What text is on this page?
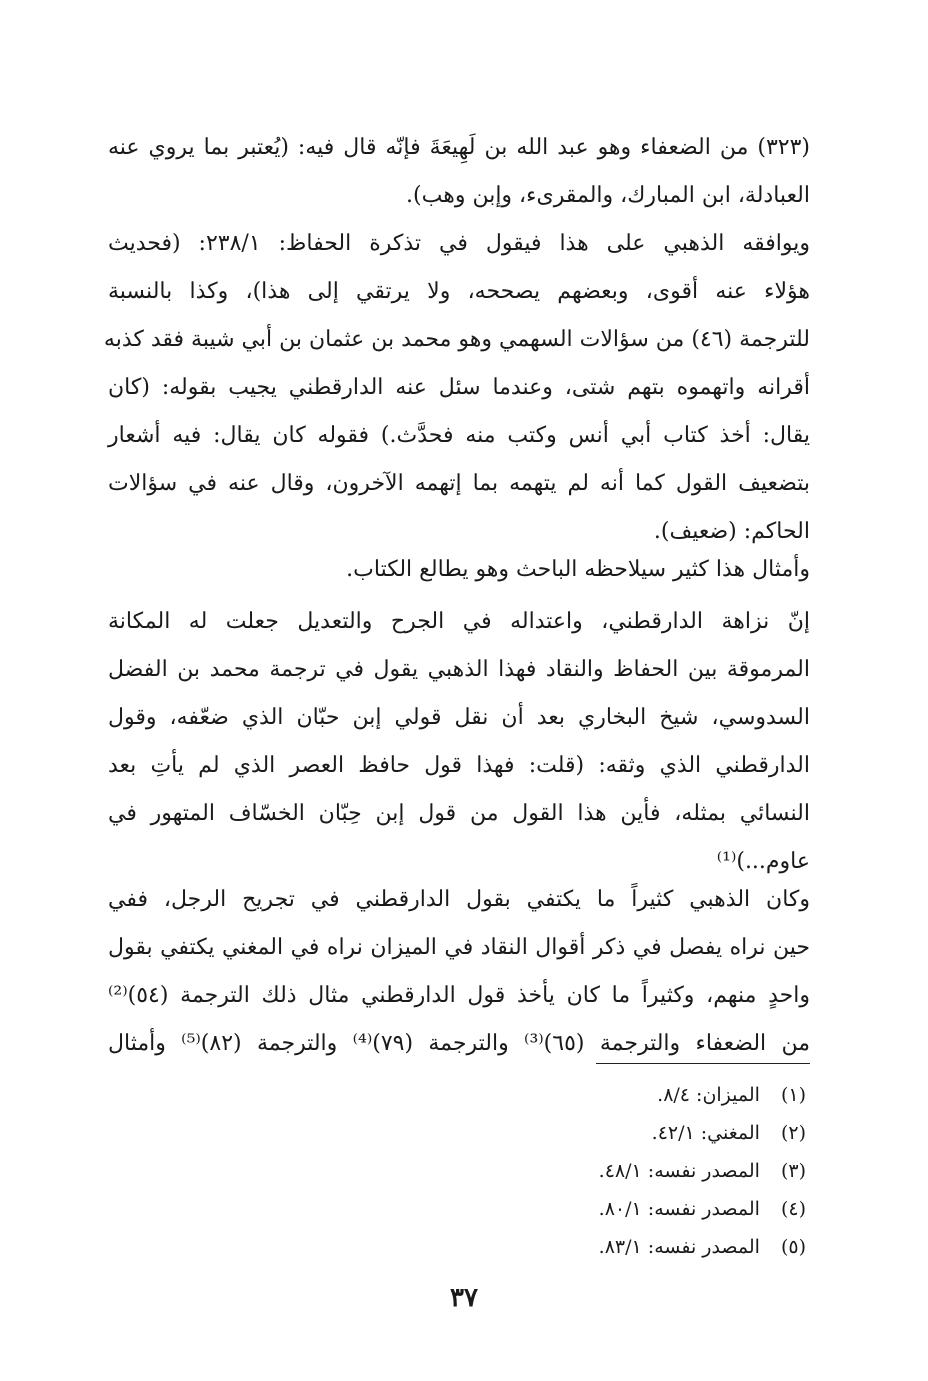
(٣٢٣) من الضعفاء وهو عبد الله بن لَهِيعَةَ فإنّه قال فيه: (يُعتبر بما يروي عنه
العبادلة، ابن المبارك، والمقرىء، وإبن وهب).
ويوافقه الذهبي على هذا فيقول في تذكرة الحفاظ: ٢٣٨/١: (فحديث
هؤلاء عنه أقوى، وبعضهم يصححه، ولا يرتقي إلى هذا)، وكذا بالنسبة
للترجمة (٤٦) من سؤالات السهمي وهو محمد بن عثمان بن أبي شيبة فقد كذبه
أقرانه واتهموه بتهم شتى، وعندما سئل عنه الدارقطني يجيب بقوله: (كان
يقال: أخذ كتاب أبي أنس وكتب منه فحدَّث.) فقوله كان يقال: فيه أشعار
بتضعيف القول كما أنه لم يتهمه بما إتهمه الآخرون، وقال عنه في سؤالات
الحاكم: (ضعيف).
وأمثال هذا كثير سيلاحظه الباحث وهو يطالع الكتاب.
إنّ نزاهة الدارقطني، واعتداله في الجرح والتعديل جعلت له المكانة
المرموقة بين الحفاظ والنقاد فهذا الذهبي يقول في ترجمة محمد بن الفضل
السدوسي، شيخ البخاري بعد أن نقل قولي إبن حبّان الذي ضعّفه، وقول
الدارقطني الذي وثقه: (قلت: فهذا قول حافظ العصر الذي لم يأتِ بعد
النسائي بمثله، فأين هذا القول من قول إبن حِبّان الخسّاف المتهور في
عاوم...)⁽¹⁾
وكان الذهبي كثيراً ما يكتفي بقول الدارقطني في تجريح الرجل، ففي
حين نراه يفصل في ذكر أقوال النقاد في الميزان نراه في المغني يكتفي بقول
واحدٍ منهم، وكثيراً ما كان يأخذ قول الدارقطني مثال ذلك الترجمة (٥٤)⁽²⁾
من الضعفاء والترجمة (٦٥)⁽³⁾ والترجمة (٧٩)⁽⁴⁾ والترجمة (٨٢)⁽⁵⁾ وأمثال
(١) الميزان: ٨/٤.
(٢) المغني: ٤٢/١.
(٣) المصدر نفسه: ٤٨/١.
(٤) المصدر نفسه: ٨٠/١.
(٥) المصدر نفسه: ٨٣/١.
٣٧
